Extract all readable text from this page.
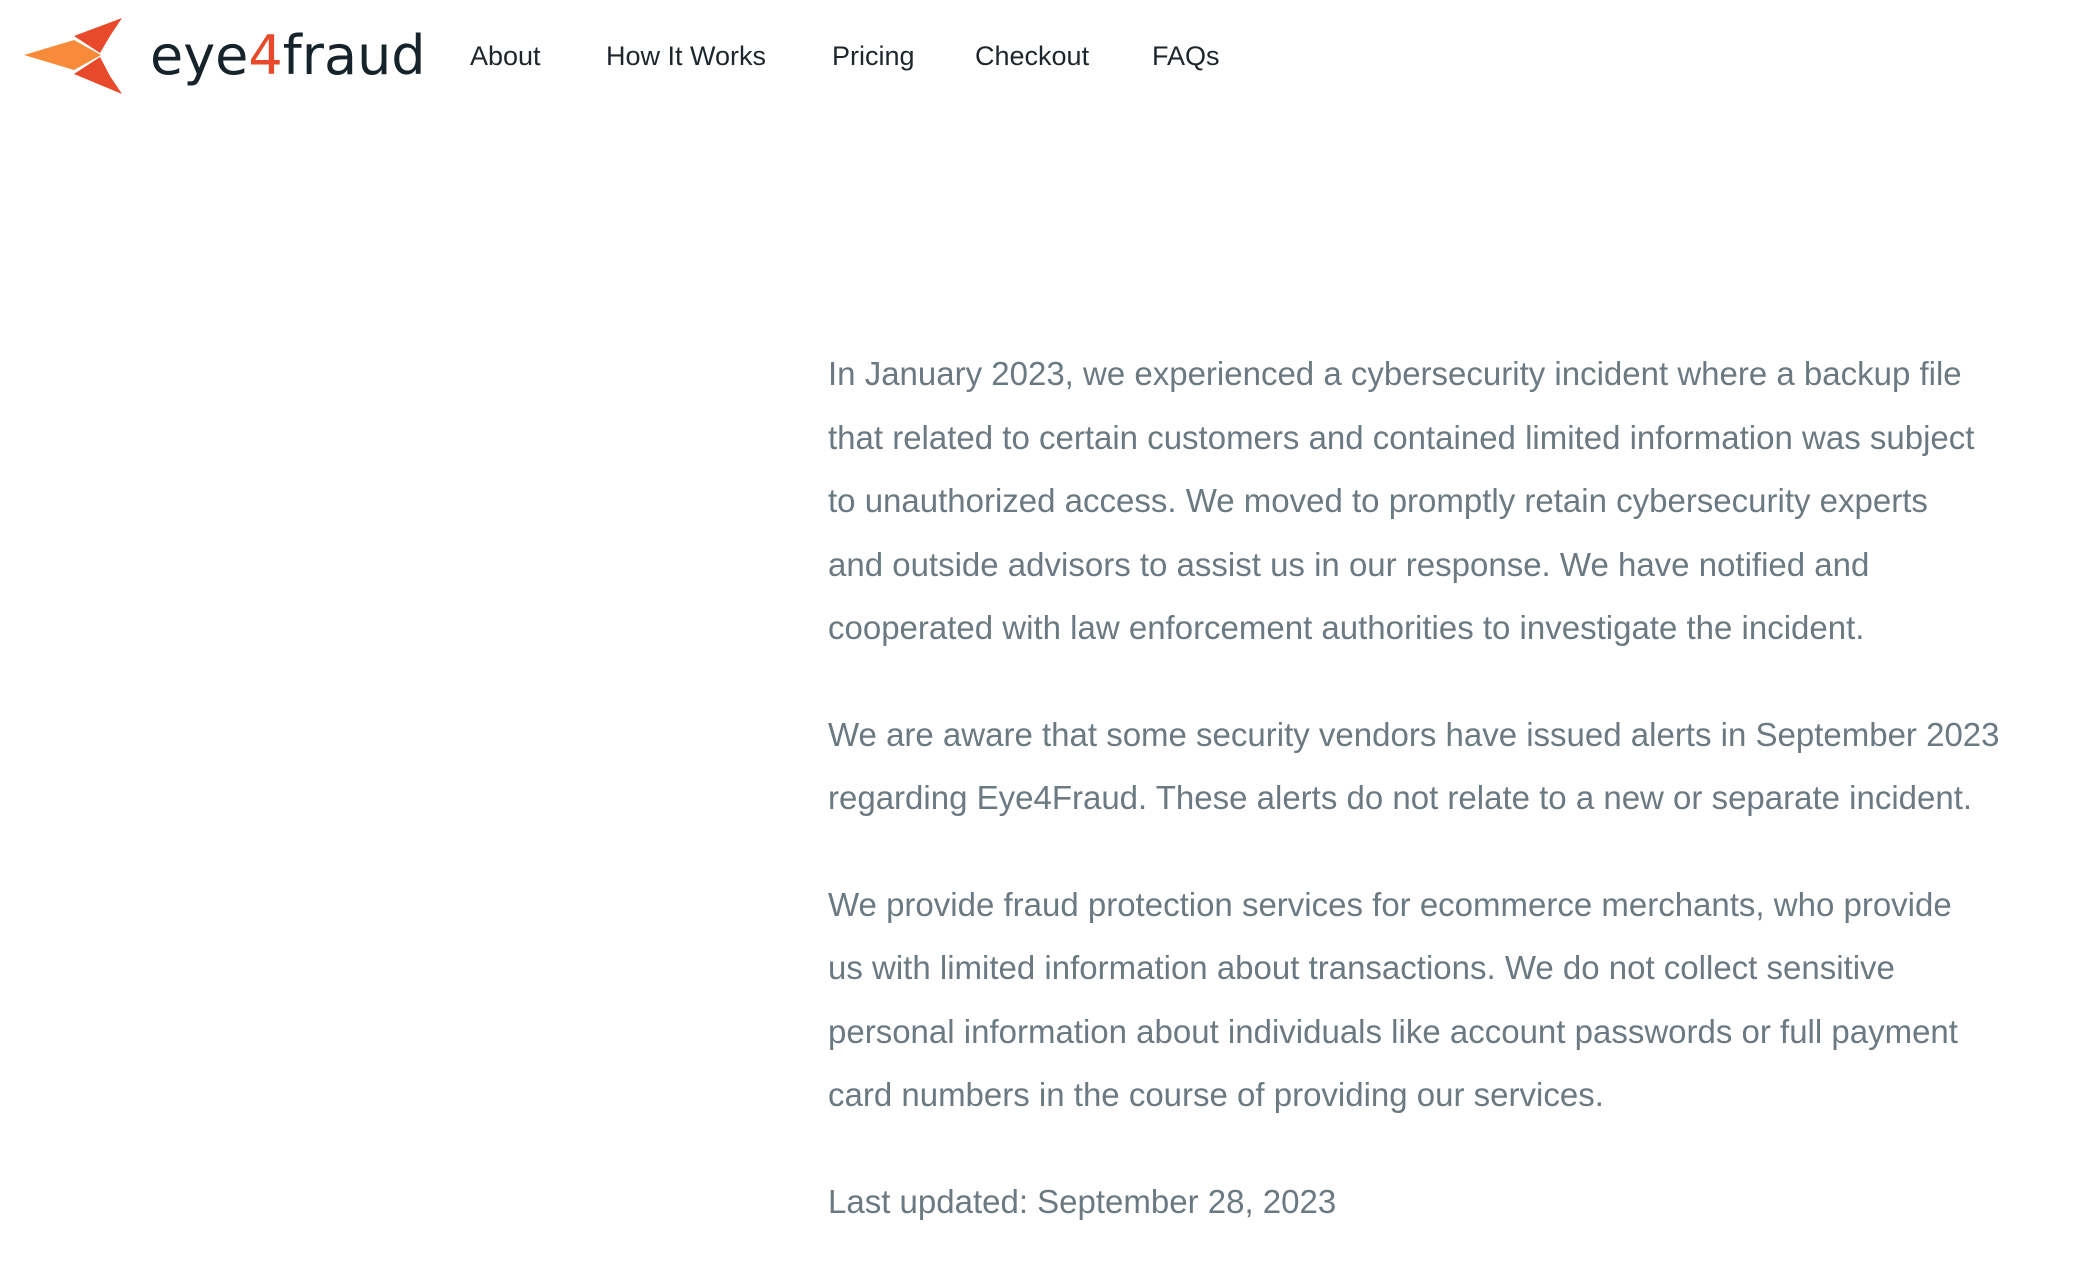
eye4fraud About How It Works Pricing Checkout FAQs

In January 2023, we experienced a cybersecurity incident where a backup file
that related to certain customers and contained limited information was subject
to unauthorized access. We moved to promptly retain cybersecurity experts
and outside advisors to assist us in our response. We have notified and
cooperated with law enforcement authorities to investigate the incident.

We are aware that some security vendors have issued alerts in September 2023
regarding Eye4Fraud. These alerts do not relate to a new or separate incident.

We provide fraud protection services for ecommerce merchants, who provide
us with limited information about transactions. We do not collect sensitive
personal information about individuals like account passwords or full payment
card numbers in the course of providing our services.

Last updated: September 28, 2023
